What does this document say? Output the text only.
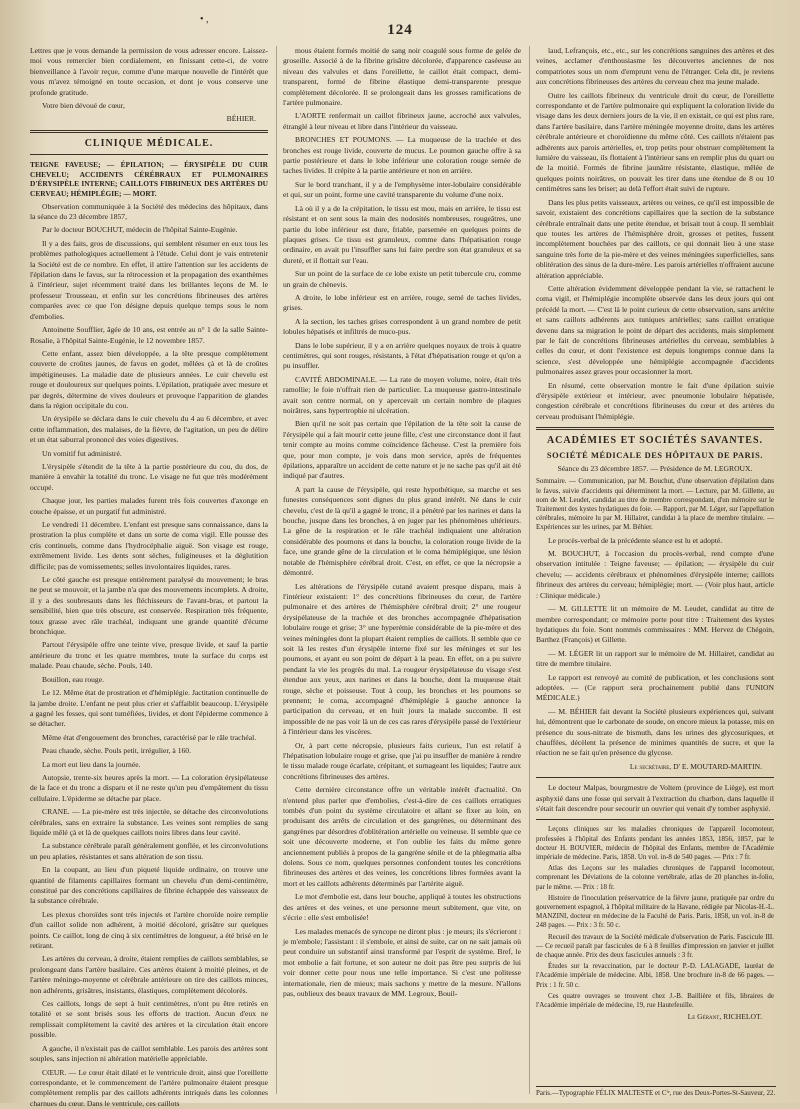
• ,
124

Lettres que je vous demande la permission de vous adresser encore. Laissez-moi vous remercier bien cordialement, en finissant cette-ci, de votre bienveillance à l'avoir reçue, comme d'une marque nouvelle de l'intérêt que vous m'avez témoigné en toute occasion, et dont je vous conserve une profonde gratitude.

Votre bien dévoué de cœur,

BÉHIER.
CLINIQUE MÉDICALE.
TEIGNE FAVEUSE; — ÉPILATION; — ÉRYSIPÈLE DU CUIR CHEVELU; ACCIDENTS CÉRÉBRAUX ET PULMONAIRES D'ÉRYSIPÈLE INTERNE; CAILLOTS FIBRINEUX DES ARTÈRES DU CERVEAU; HÉMIPLÉGIE; — MORT.

Observation communiquée à la Société des médecins des hôpitaux, dans la séance du 23 décembre 1857,

Par le docteur BOUCHUT, médecin de l'hôpital Sainte-Eugénie.

Il y a des faits, gros de discussions, qui semblent résumer en eux tous les problèmes pathologiques actuellement à l'étude. Celui dont je vais entretenir la Société est de ce nombre. En effet, il attire l'attention sur les accidents de l'épilation dans le favus, sur la rétrocession et la propagation des exanthèmes à l'intérieur, sujet récemment traité dans les brillantes leçons de M. le professeur Trousseau, et enfin sur les concrétions fibrineuses des artères comparées avec ce que l'on désigne depuis quelque temps sous le nom d'embolies.

Antoinette Soufflier, âgée de 10 ans, est entrée au n° 1 de la salle Sainte-Rosalie, à l'hôpital Sainte-Eugénie, le 12 novembre 1857.

Cette enfant, assez bien développée, a la tête presque complètement couverte de croûtes jaunes, de favus en godet, mêlées çà et là de croûtes impétigineuses. La maladie date de plusieurs années. Le cuir chevelu est rouge et douloureux sur quelques points. L'épilation, pratiquée avec mesure et par degrés, détermine de vives douleurs et provoque l'apparition de glandes dans la région occipitale du cou.

Un érysipèle se déclara dans le cuir chevelu du 4 au 6 décembre, et avec cette inflammation, des malaises, de la fièvre, de l'agitation, un peu de délire et un état saburral prononcé des voies digestives.

Un vomitif fut administré.

L'érysipèle s'étendit de la tête à la partie postérieure du cou, du dos, de manière à envahir la totalité du tronc. Le visage ne fut que très modérément occupé.

Chaque jour, les parties malades furent très fois couvertes d'axonge en couche épaisse, et un purgatif fut administré.

Le vendredi 11 décembre. L'enfant est presque sans connaissance, dans la prostration la plus complète et dans un sorte de coma vigil. Elle pousse des cris continuels, comme dans l'hydrocéphalie aiguë. Son visage est rouge, extrêmement livide. Les dents sont sèches, fuligineuses et la déglutition difficile; pas de vomissements; selles involontaires liquides, rares.

Le côté gauche est presque entièrement paralysé du mouvement; le bras ne peut se mouvoir, et la jambe n'a que des mouvements incomplets. A droite, il y a des soubresauts dans les fléchisseurs de l'avant-bras, et partout la sensibilité, bien que très obscure, est conservée. Respiration très fréquente, toux grasse avec râle trachéal, indiquant une grande quantité d'écume bronchique.

Partout l'érysipèle offre une teinte vive, presque livide, et sauf la partie antérieure du tronc et les quatre membres, toute la surface du corps est malade. Peau chaude, sèche. Pouls, 140.

Bouillon, eau rouge.

Le 12. Même état de prostration et d'hémiplégie. Jactitation continuelle de la jambe droite. L'enfant ne peut plus crier et s'affaiblit beaucoup. L'érysipèle a gagné les fesses, qui sont tuméfiées, livides, et dont l'épiderme commence à se détacher.

Même état d'engouement des bronches, caractérisé par le râle trachéal.

Peau chaude, sèche. Pouls petit, irrégulier, à 160.

La mort eut lieu dans la journée.

Autopsie, trente-six heures après la mort. — La coloration érysipélateuse de la face et du tronc a disparu et il ne reste qu'un peu d'empâtement du tissu cellulaire. L'épiderme se détache par place.

CRANE. — La pie-mère est très injectée, se détache des circonvolutions cérébrales, sans en extraire la substance. Les veines sont remplies de sang liquide mêlé çà et là de quelques caillots noirs libres dans leur cavité.

La substance cérébrale paraît généralement gonflée, et les circonvolutions un peu aplaties, résistantes et sans altération de son tissu.

En la coupant, au lieu d'un piqueté liquide ordinaire, on trouve une quantité de filaments capillaires formant un chevelu d'un demi-centimètre, constitué par des concrétions capillaires de fibrine échappée des vaisseaux de la substance cérébrale.

Les plexus choroïdes sont très injectés et l'artère choroïde noire remplie d'un caillot solide non adhérent, à moitié décoloré, grisâtre sur quelques points. Ce caillot, long de cinq à six centimètres de longueur, a été brisé en le retirant.

Les artères du cerveau, à droite, étaient remplies de caillots semblables, se prolongeant dans l'artère basilaire. Ces artères étaient à moitié pleines, et de l'artère méningo-moyenne et cérébrale antérieure on tire des caillots minces, non adhérents, grisâtres, insistants, élastiques, complètement décolorés.

Ces caillots, longs de sept à huit centimètres, n'ont pu être retirés en totalité et se sont brisés sous les efforts de traction. Aucun d'eux ne remplissait complètement la cavité des artères et la circulation était encore possible.

A gauche, il n'existait pas de caillot semblable. Les parois des artères sont souples, sans injection ni altération matérielle appréciable.

CŒUR. — Le cœur était dilaté et le ventricule droit, ainsi que l'oreillette correspondante, et le commencement de l'artère pulmonaire étaient presque complètement remplis par des caillots adhérents intriqués dans les colonnes charnues du cœur. Dans le ventricule, ces caillots

mous étaient formés moitié de sang noir coagulé sous forme de gelée de groseille. Associé à de la fibrine grisâtre décolorée, d'apparence caséeuse au niveau des valvules et dans l'oreillette, le caillot était compact, demi-transparent, formé de fibrine élastique demi-transparente presque complètement décolorée. Il se prolongeait dans les grosses ramifications de l'artère pulmonaire.

L'AORTE renfermait un caillot fibrineux jaune, accroché aux valvules, étranglé à leur niveau et libre dans l'intérieur du vaisseau.

BRONCHES ET POUMONS. — La muqueuse de la trachée et des bronches est rouge livide, couverte de mucus. Le poumon gauche offre à sa partie postérieure et dans le lobe inférieur une coloration rouge semée de taches livides. Il crépite à la partie antérieure et non en arrière.

Sur le bord tranchant, il y a de l'emphysème inter-lobulaire considérable et qui, sur un point, forme une cavité transparente du volume d'une noix.

Là où il y a de la crépitation, le tissu est mou, mais en arrière, le tissu est résistant et on sent sous la main des nodosités nombreuses, rougeâtres, une partie du lobe inférieur est dure, friable, parsemée en quelques points de plaques grises. Ce tissu est granuleux, comme dans l'hépatisation rouge ordinaire, en avait pu l'insuffler sans lui faire perdre son état granuleux et sa dureté, et il flottait sur l'eau.

Sur un point de la surface de ce lobe existe un petit tubercule cru, comme un grain de chènevis.

A droite, le lobe inférieur est en arrière, rouge, semé de taches livides, grises.

A la section, les taches grises correspondent à un grand nombre de petit lobules hépatisés et infiltrés de muco-pus.

Dans le lobe supérieur, il y a en arrière quelques noyaux de trois à quatre centimètres, qui sont rouges, résistants, à l'état d'hépatisation rouge et qu'on a pu insuffler.

CAVITÉ ABDOMINALE. — La rate de moyen volume, noire, était très ramollie; le foie n'offrait rien de particulier. La muqueuse gastro-intestinale avait son centre normal, on y apercevait un certain nombre de plaques noirâtres, sans hypertrophie ni ulcération.

Bien qu'il ne soit pas certain que l'épilation de la tête soit la cause de l'érysipèle qui a fait mourir cette jeune fille, c'est une circonstance dont il faut tenir compte au moins comme coïncidence fâcheuse. C'est la première fois que, pour mon compte, je vois dans mon service, après de fréquentes épilations, apparaître un accident de cette nature et je ne sache pas qu'il ait été indiqué par d'autres.

A part la cause de l'érysipèle, qui reste hypothétique, sa marche et ses funestes conséquences sont dignes du plus grand intérêt. Né dans le cuir chevelu, c'est de là qu'il a gagné le tronc, il a pénétré par les narines et dans la bouche, jusque dans les bronches, à en juger par les phénomènes ultérieurs. La gêne de la respiration et le râle trachéal indiquaient une altération considérable des poumons et dans la bouche, la coloration rouge livide de la face, une grande gêne de la circulation et le coma hémiplégique, une lésion notable de l'hémisphère cérébral droit. C'est, en effet, ce que la nécropsie a démontré.

Les altérations de l'érysipèle cutané avaient presque disparu, mais à l'intérieur existaient: 1° des concrétions fibrineuses du cœur, de l'artère pulmonaire et des artères de l'hémisphère cérébral droit; 2° une rougeur érysipélateuse de la trachée et des bronches accompagnée d'hépatisation lobulaire rouge et grise; 3° une hyperémie considérable de la pie-mère et des veines méningées dont la plupart étaient remplies de caillots. Il semble que ce soit là les restes d'un érysipèle interne fixé sur les méninges et sur les poumons, et ayant eu son point de départ à la peau. En effet, on a pu suivre pendant la vie les progrès du mal. La rougeur érysipélateuse du visage s'est étendue aux yeux, aux narines et dans la bouche, dont la muqueuse était rouge, sèche et poisseuse. Tout à coup, les bronches et les poumons se prennent; le coma, accompagné d'hémiplégie à gauche annonce la participation du cerveau, et en huit jours la malade succombe. Il est impossible de ne pas voir là un de ces cas rares d'érysipèle passé de l'extérieur à l'intérieur dans les viscères.

Or, à part cette nécropsie, plusieurs faits curieux, l'un est relatif à l'hépatisation lobulaire rouge et grise, que j'ai pu insuffler de manière à rendre le tissu malade rouge écarlate, crépitant, et surnageant les liquides; l'autre aux concrétions fibrineuses des artères.

Cette dernière circonstance offre un véritable intérêt d'actualité. On n'entend plus parler que d'embolies, c'est-à-dire de ces caillots erratiques tombés d'un point du système circulatoire et allant se fixer au loin, en produisant des arrêts de circulation et des gangrènes, ou déterminant des gangrènes par désordres d'oblitération artérielle ou veineuse. Il semble que ce soit une découverte moderne, et l'on oublie les faits du même genre anciennement publiés à propos de la gangrène sénile et de la phlegmatia alba dolens. Sous ce nom, quelques personnes confondent toutes les concrétions fibrineuses des artères et des veines, les concrétions libres formées avant la mort et les caillots adhérents déterminés par l'artérite aiguë.

Le mot d'embolie est, dans leur bouche, appliqué à toutes les obstructions des artères et des veines, et une personne meurt subitement, que vite, on s'écrie : elle s'est embolisée!

Les malades menacés de syncope ne diront plus : je meurs; ils s'écrieront : je m'embole; l'assistant : il s'embole, et ainsi de suite, car on ne sait jamais où peut conduire un substantif ainsi transformé par l'esprit de système. Bref, le mot embolie a fait fortune, et son auteur ne doit pas être peu surpris de lui voir donner cette pour nous une telle importance. Si c'est une politesse internationale, rien de mieux; mais sachons y mettre de la mesure. N'allons pas, oublieux des beaux travaux de MM. Legroux, Bouil-

laud, Lefrançois, etc., etc., sur les concrétions sanguines des artères et des veines, acclamer d'enthousiasme les découvertes anciennes de nos compatriotes sous un nom d'emprunt venu de l'étranger. Cela dit, je reviens aux concrétions fibrineuses des artères du cerveau chez ma jeune malade.

Outre les caillots fibrineux du ventricule droit du cœur, de l'oreillette correspondante et de l'artère pulmonaire qui expliquent la coloration livide du visage dans les deux derniers jours de la vie, il en existait, ce qui est plus rare, dans l'artère basilaire, dans l'artère méningée moyenne droite, dans les artères cérébrale antérieure et choroïdienne du même côté. Ces caillots n'étaient pas adhérents aux parois artérielles, et, trop petits pour obstruer complètement la lumière du vaisseau, ils flottaient à l'intérieur sans en remplir plus du quart ou de la moitié. Formés de fibrine jaunâtre résistante, élastique, mêlée de quelques points noirâtres, on pouvait les tirer dans une étendue de 8 ou 10 centimètres sans les briser; au delà l'effort était suivi de rupture.

Dans les plus petits vaisseaux, artères ou veines, ce qu'il est impossible de savoir, existaient des concrétions capillaires que la section de la substance cérébrale entraînait dans une petite étendue, et brisait tout à coup. Il semblait que toutes les artères de l'hémisphère droit, grosses et petites, fussent incomplètement bouchées par des caillots, ce qui donnait lieu à une stase sanguine très forte de la pie-mère et des veines méningées superficielles, sans oblitération des sinus de la dure-mère. Les parois artérielles n'offraient aucune altération appréciable.

Cette altération évidemment développée pendant la vie, se rattachent le coma vigil, et l'hémiplégie incomplète observée dans les deux jours qui ont précédé la mort. — C'est là le point curieux de cette observation, sans artérite et sans caillots adhérents aux tuniques artérielles; sans caillot erratique devenu dans sa migration le point de départ des accidents, mais simplement par le fait de concrétions fibrineuses artérielles du cerveau, semblables à celles du cœur, et dont l'existence est depuis longtemps connue dans la science, s'est développée une hémiplégie accompagnée d'accidents pulmonaires assez graves pour occasionner la mort.

En résumé, cette observation montre le fait d'une épilation suivie d'érysipèle extérieur et intérieur, avec pneumonie lobulaire hépatisée, congestion cérébrale et concrétions fibrineuses du cœur et des artères du cerveau produisant l'hémiplégie.

ACADÉMIES ET SOCIÉTÉS SAVANTES.
SOCIÉTÉ MÉDICALE DES HÔPITAUX DE PARIS.

Séance du 23 décembre 1857. — Présidence de M. LEGROUX.

Sommaire. — Communication, par M. Bouchut, d'une observation d'épilation dans le favus, suivie d'accidents qui déterminent la mort. — Lecture, par M. Gillette, au nom de M. Leudet, candidat au titre de membre correspondant, d'un mémoire sur le Traitement des kystes hydatiques du foie. — Rapport, par M. Léger, sur l'appellation cérébrales, mémoire lu par M. Hillairet, candidat à la place de membre titulaire. — Expériences sur les urines, par M. Béhier.

Le procès-verbal de la précédente séance est lu et adopté.

M. BOUCHUT, à l'occasion du procès-verbal, rend compte d'une observation intitulée : Teigne faveuse; — épilation; — érysipèle du cuir chevelu; — accidents cérébraux et phénomènes d'érysipèle interne; caillots fibrineux des artères du cerveau; hémiplégie; mort. — (Voir plus haut, article : Clinique médicale.)

— M. GILLETTE lit un mémoire de M. Leudet, candidat au titre de membre correspondant; ce mémoire porte pour titre : Traitement des kystes hydatiques du foie. Sont nommés commissaires : MM. Hervez de Chégoin, Barthez (François) et Gillette.

— M. LÉGER lit un rapport sur le mémoire de M. Hillairet, candidat au titre de membre titulaire.

Le rapport est renvoyé au comité de publication, et les conclusions sont adoptées. — (Ce rapport sera prochainement publié dans l'UNION MÉDICALE.)

— M. BÉHIER fait devant la Société plusieurs expériences qui, suivant lui, démontrent que le carbonate de soude, on encore mieux la potasse, mis en présence du sous-nitrate de bismuth, dans les urines des glycosuriques, et chauffées, décèlent la présence de minimes quantités de sucre, et que la réaction ne se fait qu'en présence du glycose.

Le secrétaire, D' E. MOUTARD-MARTIN.

Le docteur Malpas, bourgmestre de Voltem (province de Liège), est mort asphyxié dans une fosse qui servait à l'extraction du charbon, dans laquelle il s'était fait descendre pour secourir un ouvrier qui venait d'y tomber asphyxié.

Leçons cliniques sur les maladies chroniques de l'appareil locomoteur, professées à l'hôpital des Enfants pendant les années 1853, 1856, 1857, par le docteur H. BOUVIER, médecin de l'hôpital des Enfants, membre de l'Académie impériale de médecine. Paris, 1858. Un vol. in-8 de 540 pages. — Prix : 7 fr.

Atlas des Leçons sur les maladies chroniques de l'appareil locomoteur, comprenant les Déviations de la colonne vertébrale, atlas de 20 planches in-folio, par le même. — Prix : 18 fr.

Histoire de l'inoculation préservatrice de la fièvre jaune, pratiquée par ordre du gouvernement espagnol, à l'hôpital militaire de la Havane, rédigée par Nicolas-H.-L. MANZINI, docteur en médecine de la Faculté de Paris. Paris, 1858, un vol. in-8 de 248 pages. — Prix : 3 fr. 50 c.

Recueil des travaux de la Société médicale d'observation de Paris. Fascicule III. — Ce recueil paraît par fascicules de 6 à 8 feuilles d'impression en janvier et juillet de chaque année. Prix des deux fascicules annuels : 3 fr.

Études sur la revaccination, par le docteur P.-D. LALAGADE, lauréat de l'Académie impériale de médecine. Albi, 1858. Une brochure in-8 de 66 pages. — Prix : 1 fr. 50 c.

Ces quatre ouvrages se trouvent chez J.-B. Baillière et fils, libraires de l'Académie impériale de médecine, 19, rue Hautefeuille.

Le Gérant, RICHELOT.
Paris.—Typographie FÉLIX MALTESTE et Cⁱᵉ, rue des Deux-Portes-St-Sauveur, 22.
